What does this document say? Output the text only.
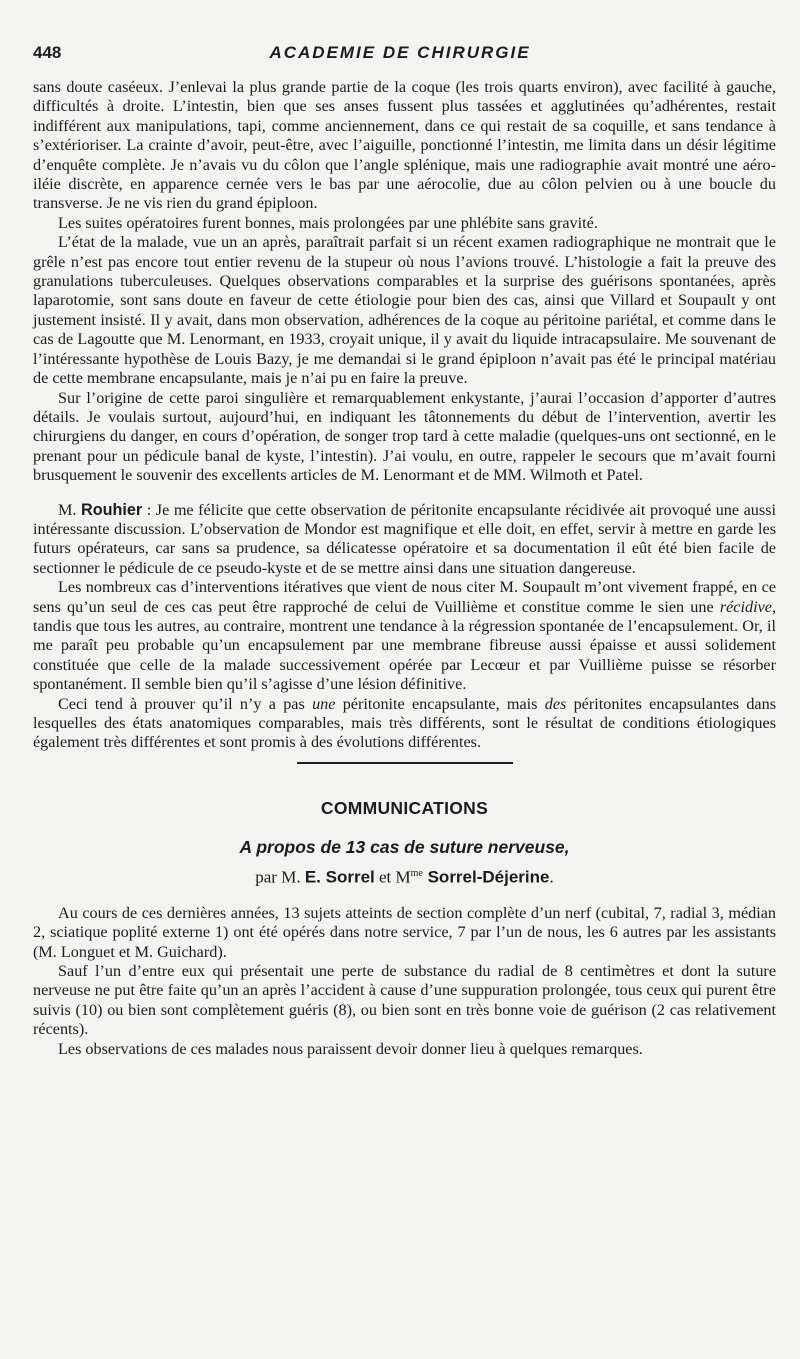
448	ACADEMIE DE CHIRURGIE

sans doute caséeux. J’enlevai la plus grande partie de la coque (les trois quarts environ), avec facilité à gauche, difficultés à droite. L’intestin, bien que ses anses fussent plus tassées et agglutinées qu’adhérentes, restait indifférent aux manipulations, tapi, comme anciennement, dans ce qui restait de sa coquille, et sans tendance à s’extérioriser. La crainte d’avoir, peut-être, avec l’aiguille, ponctionné l’intestin, me limita dans un désir légitime d’enquête complète. Je n’avais vu du côlon que l’angle splénique, mais une radiographie avait montré une aéro-iléie discrète, en apparence cernée vers le bas par une aérocolie, due au côlon pelvien ou à une boucle du transverse. Je ne vis rien du grand épiploon.

Les suites opératoires furent bonnes, mais prolongées par une phlébite sans gravité.

L’état de la malade, vue un an après, paraîtrait parfait si un récent examen radiographique ne montrait que le grêle n’est pas encore tout entier revenu de la stupeur où nous l’avions trouvé. L’histologie a fait la preuve des granulations tuberculeuses. Quelques observations comparables et la surprise des guérisons spontanées, après laparotomie, sont sans doute en faveur de cette étiologie pour bien des cas, ainsi que Villard et Soupault y ont justement insisté. Il y avait, dans mon observation, adhérences de la coque au péritoine pariétal, et comme dans le cas de Lagoutte que M. Lenormant, en 1933, croyait unique, il y avait du liquide intracapsulaire. Me souvenant de l’intéressante hypothèse de Louis Bazy, je me demandai si le grand épiploon n’avait pas été le principal matériau de cette membrane encapsulante, mais je n’ai pu en faire la preuve.

Sur l’origine de cette paroi singulière et remarquablement enkystante, j’aurai l’occasion d’apporter d’autres détails. Je voulais surtout, aujourd’hui, en indiquant les tâtonnements du début de l’intervention, avertir les chirurgiens du danger, en cours d’opération, de songer trop tard à cette maladie (quelques-uns ont sectionné, en le prenant pour un pédicule banal de kyste, l’intestin). J’ai voulu, en outre, rappeler le secours que m’avait fourni brusquement le souvenir des excellents articles de M. Lenormant et de MM. Wilmoth et Patel.

M. Rouhier : Je me félicite que cette observation de péritonite encapsulante récidivée ait provoqué une aussi intéressante discussion. L’observation de Mondor est magnifique et elle doit, en effet, servir à mettre en garde les futurs opérateurs, car sans sa prudence, sa délicatesse opératoire et sa documentation il eût été bien facile de sectionner le pédicule de ce pseudo-kyste et de se mettre ainsi dans une situation dangereuse.

Les nombreux cas d’interventions itératives que vient de nous citer M. Soupault m’ont vivement frappé, en ce sens qu’un seul de ces cas peut être rapproché de celui de Vuillième et constitue comme le sien une récidive, tandis que tous les autres, au contraire, montrent une tendance à la régression spontanée de l’encapsulement. Or, il me paraît peu probable qu’un encapsulement par une membrane fibreuse aussi épaisse et aussi solidement constituée que celle de la malade successivement opérée par Lecœur et par Vuillième puisse se résorber spontanément. Il semble bien qu’il s’agisse d’une lésion définitive.

Ceci tend à prouver qu’il n’y a pas une péritonite encapsulante, mais des péritonites encapsulantes dans lesquelles des états anatomiques comparables, mais très différents, sont le résultat de conditions étiologiques également très différentes et sont promis à des évolutions différentes.

COMMUNICATIONS

A propos de 13 cas de suture nerveuse,

par M. E. Sorrel et $M^{me}$ Sorrel-Déjerine.

Au cours de ces dernières années, 13 sujets atteints de section complète d’un nerf (cubital, 7, radial 3, médian 2, sciatique poplité externe 1) ont été opérés dans notre service, 7 par l’un de nous, les 6 autres par les assistants (M. Longuet et M. Guichard).

Sauf l’un d’entre eux qui présentait une perte de substance du radial de 8 centimètres et dont la suture nerveuse ne put être faite qu’un an après l’accident à cause d’une suppuration prolongée, tous ceux qui purent être suivis (10) ou bien sont complètement guéris (8), ou bien sont en très bonne voie de guérison (2 cas relativement récents).

Les observations de ces malades nous paraissent devoir donner lieu à quelques remarques.
